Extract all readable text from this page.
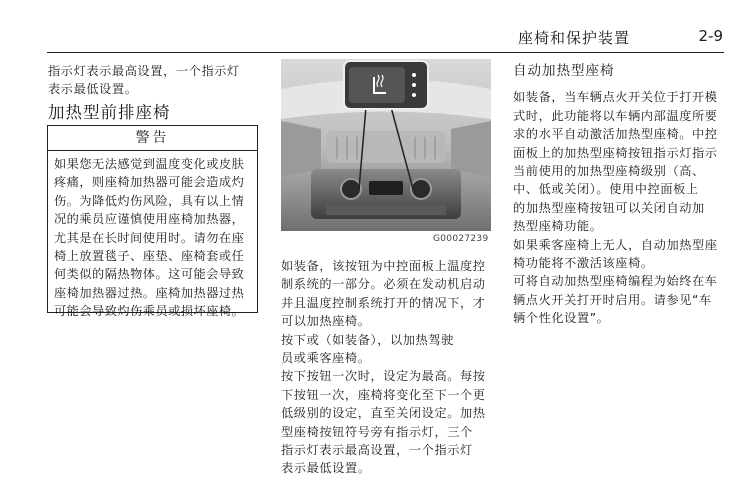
座椅和保护装置	2-9

指示灯表示最高设置，一个指示灯

表示最低设置。

加热型前排座椅
警告
如果您无法感觉到温度变化或皮肤
疼痛，则座椅加热器可能会造成灼
伤。为降低灼伤风险，具有以上情
况的乘员应谨慎使用座椅加热器，
尤其是在长时间使用时。请勿在座
椅上放置毯子、座垫、座椅套或任
何类似的隔热物体。这可能会导致
座椅加热器过热。座椅加热器过热
可能会导致灼伤乘员或损坏座椅。
G00027239

如装备，该按钮为中控面板上温度控

制系统的一部分。必须在发动机启动

并且温度控制系统打开的情况下，才

可以加热座椅。

按下或（如装备），以加热驾驶

员或乘客座椅。

按下按钮一次时，设定为最高。每按

下按钮一次，座椅将变化至下一个更

低级别的设定，直至关闭设定。加热

型座椅按钮符号旁有指示灯，三个

指示灯表示最高设置，一个指示灯

表示最低设置。

自动加热型座椅

如装备，当车辆点火开关位于打开模

式时，此功能将以车辆内部温度所要

求的水平自动激活加热型座椅。中控

面板上的加热型座椅按钮指示灯指示

当前使用的加热型座椅级别（高、

中、低或关闭）。使用中控面板上

的加热型座椅按钮可以关闭自动加

热型座椅功能。

如果乘客座椅上无人，自动加热型座

椅功能将不激活该座椅。

可将自动加热型座椅编程为始终在车

辆点火开关打开时启用。请参见“车

辆个性化设置”。
